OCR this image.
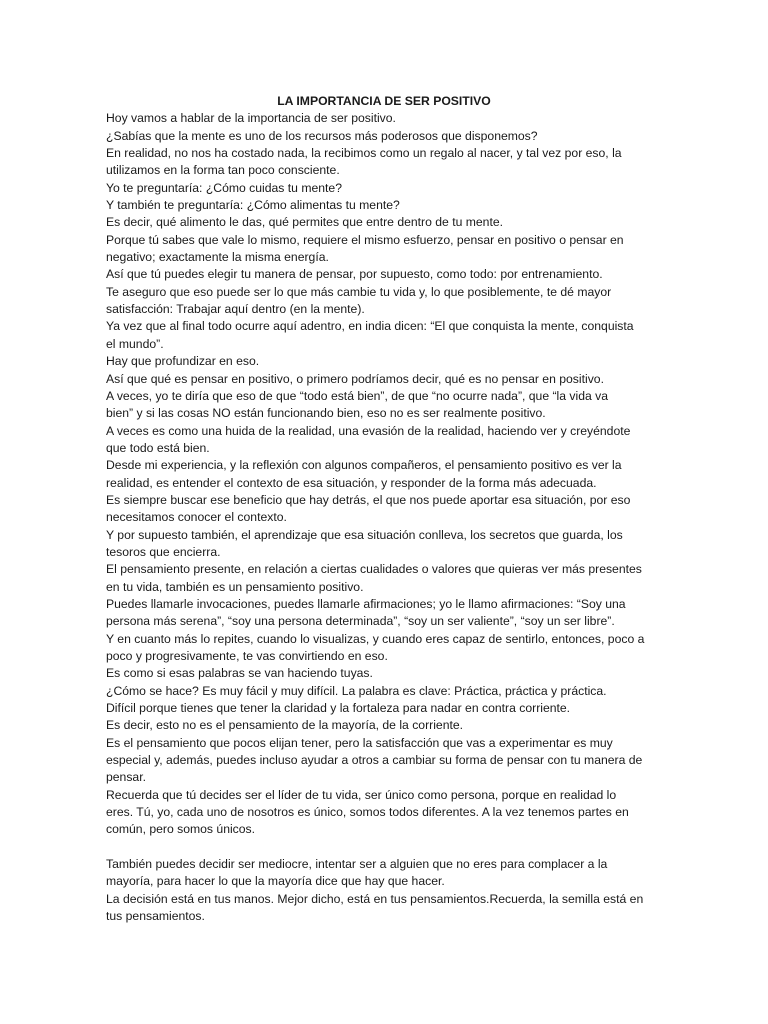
LA IMPORTANCIA DE SER POSITIVO
Hoy vamos a hablar de la importancia de ser positivo.
¿Sabías que la mente es uno de los recursos más poderosos que disponemos?
En realidad, no nos ha costado nada, la recibimos como un regalo al nacer, y tal vez por eso, la
utilizamos en la forma tan poco consciente.
Yo te preguntaría: ¿Cómo cuidas tu mente?
Y también te preguntaría: ¿Cómo alimentas tu mente?
Es decir, qué alimento le das, qué permites que entre dentro de tu mente.
Porque tú sabes que vale lo mismo, requiere el mismo esfuerzo, pensar en positivo o pensar en
negativo; exactamente la misma energía.
Así que tú puedes elegir tu manera de pensar, por supuesto, como todo: por entrenamiento.
Te aseguro que eso puede ser lo que más cambie tu vida y, lo que posiblemente, te dé mayor
satisfacción: Trabajar aquí dentro (en la mente).
Ya vez que al final todo ocurre aquí adentro, en india dicen: “El que conquista la mente, conquista
el mundo”.
Hay que profundizar en eso.
Así que qué es pensar en positivo, o primero podríamos decir, qué es no pensar en positivo.
A veces, yo te diría que eso de que “todo está bien”, de que “no ocurre nada”, que “la vida va
bien” y si las cosas NO están funcionando bien, eso no es ser realmente positivo.
A veces es como una huida de la realidad, una evasión de la realidad, haciendo ver y creyéndote
que todo está bien.
Desde mi experiencia, y la reflexión con algunos compañeros, el pensamiento positivo es ver la
realidad, es entender el contexto de esa situación, y responder de la forma más adecuada.
Es siempre buscar ese beneficio que hay detrás, el que nos puede aportar esa situación, por eso
necesitamos conocer el contexto.
Y por supuesto también, el aprendizaje que esa situación conlleva, los secretos que guarda, los
tesoros que encierra.
El pensamiento presente, en relación a ciertas cualidades o valores que quieras ver más presentes
en tu vida, también es un pensamiento positivo.
Puedes llamarle invocaciones, puedes llamarle afirmaciones; yo le llamo afirmaciones: “Soy una
persona más serena”, “soy una persona determinada”, “soy un ser valiente”, “soy un ser libre”.
Y en cuanto más lo repites, cuando lo visualizas, y cuando eres capaz de sentirlo, entonces, poco a
poco y progresivamente, te vas convirtiendo en eso.
Es como si esas palabras se van haciendo tuyas.
¿Cómo se hace? Es muy fácil y muy difícil. La palabra es clave: Práctica, práctica y práctica.
Difícil porque tienes que tener la claridad y la fortaleza para nadar en contra corriente.
Es decir, esto no es el pensamiento de la mayoría, de la corriente.
Es el pensamiento que pocos elijan tener, pero la satisfacción que vas a experimentar es muy
especial y, además, puedes incluso ayudar a otros a cambiar su forma de pensar con tu manera de
pensar.
Recuerda que tú decides ser el líder de tu vida, ser único como persona, porque en realidad lo
eres. Tú, yo, cada uno de nosotros es único, somos todos diferentes. A la vez tenemos partes en
común, pero somos únicos.
También puedes decidir ser mediocre, intentar ser a alguien que no eres para complacer a la
mayoría, para hacer lo que la mayoría dice que hay que hacer.
La decisión está en tus manos. Mejor dicho, está en tus pensamientos.Recuerda, la semilla está en
tus pensamientos.
